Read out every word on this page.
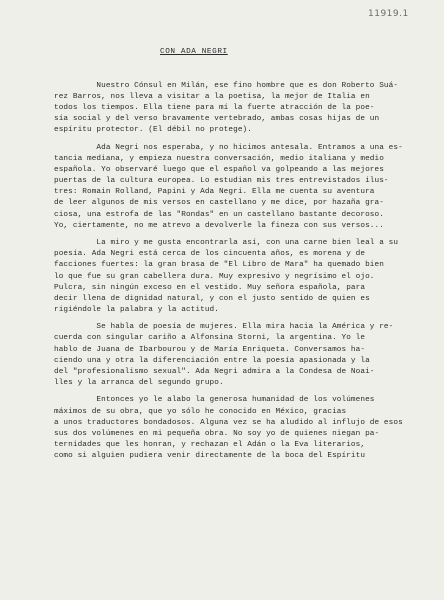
11919.1
CON ADA NEGRI
Nuestro Cónsul en Milán, ese fino hombre que es don Roberto Suá-
rez Barros, nos lleva a visitar a la poetisa, la mejor de Italia en
todos los tiempos. Ella tiene para mí la fuerte atracción de la poe-
sía social y del verso bravamente vertebrado, ambas cosas hijas de un
espíritu protector. (El débil no protege).
Ada Negri nos esperaba, y no hicimos antesala. Entramos a una es-
tancia mediana, y empieza nuestra conversación, medio italiana y medio
española. Yo observaré luego que el español va golpeando a las mejores
puertas de la cultura europea. Lo estudian mis tres entrevistados ilus-
tres: Romain Rolland, Papini y Ada Negri. Ella me cuenta su aventura
de leer algunos de mis versos en castellano y me dice, por hazaña gra-
ciosa, una estrofa de las "Rondas" en un castellano bastante decoroso.
Yo, ciertamente, no me atrevo a devolverle la fineza con sus versos...
La miro y me gusta encontrarla así, con una carne bien leal a su
poesía. Ada Negri está cerca de los cincuenta años, es morena y de
facciones fuertes: la gran brasa de "El Libro de Mara" ha quemado bien
lo que fue su gran cabellera dura. Muy expresivo y negrísimo el ojo.
Pulcra, sin ningún exceso en el vestido. Muy señora española, para
decir llena de dignidad natural, y con el justo sentido de quien es
rigiéndole la palabra y la actitud.
Se habla de poesía de mujeres. Ella mira hacia la América y re-
cuerda con singular cariño a Alfonsina Storni, la argentina. Yo le
hablo de Juana de Ibarbourou y de María Enriqueta. Conversamos ha-
ciendo una y otra la diferenciación entre la poesía apasionada y la
del "profesionalismo sexual". Ada Negri admira a la Condesa de Noai-
lles y la arranca del segundo grupo.
Entonces yo le alabo la generosa humanidad de los volúmenes
máximos de su obra, que yo sólo he conocido en México, gracias
a unos traductores bondadosos. Alguna vez se ha aludido al influjo de esos
sus dos volúmenes en mi pequeña obra. No soy yo de quienes niegan pa-
ternidades que les honran, y rechazan el Adán o la Eva literarios,
como si alguien pudiera venir directamente de la boca del Espíritu
